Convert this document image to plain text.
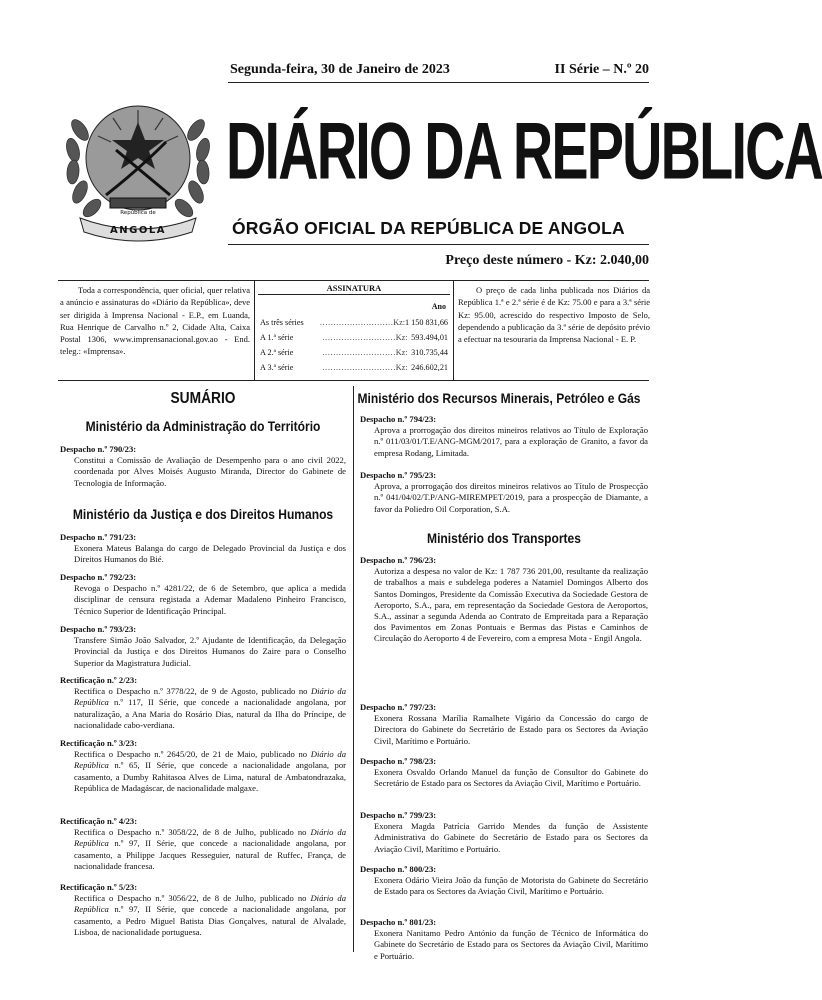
República de
ANGOLA
Segunda-feira, 30 de Janeiro de 2023	II Série – N.º 20
DIÁRIO DA REPÚBLICA
ÓRGÃO OFICIAL DA REPÚBLICA DE ANGOLA
Preço deste número - Kz: 2.040,00
Toda a correspondência, quer oficial, quer relativa a anúncio e assinaturas do «Diário da República», deve ser dirigida à Imprensa Nacional - E.P., em Luanda, Rua Henrique de Carvalho n.º 2, Cidade Alta, Caixa Postal 1306, www.imprensanacional.gov.ao - End. teleg.: «Imprensa».
ASSINATURA
Ano
As três séries	………………………Kz: 1 150 831,66
A 1.ª série	………………………Kz: 593.494,01
A 2.ª série	………………………Kz: 310.735,44
A 3.ª série	………………………Kz: 246.602,21
O preço de cada linha publicada nos Diários da República 1.ª e 2.ª série é de Kz: 75.00 e para a 3.ª série Kz: 95.00, acrescido do respectivo Imposto de Selo, dependendo a publicação da 3.ª série de depósito prévio a efectuar na tesouraria da Imprensa Nacional - E. P.
SUMÁRIO
Ministério da Administração do Território
Despacho n.º 790/23:
Constitui a Comissão de Avaliação de Desempenho para o ano civil 2022, coordenada por Alves Moisés Augusto Miranda, Director do Gabinete de Tecnologia de Informação.
Ministério da Justiça e dos Direitos Humanos
Despacho n.º 791/23:
Exonera Mateus Balanga do cargo de Delegado Provincial da Justiça e dos Direitos Humanos do Bié.
Despacho n.º 792/23:
Revoga o Despacho n.º 4281/22, de 6 de Setembro, que aplica a medida disciplinar de censura registada a Ademar Madaleno Pinheiro Francisco, Técnico Superior de Identificação Principal.
Despacho n.º 793/23:
Transfere Simão João Salvador, 2.º Ajudante de Identificação, da Delegação Provincial da Justiça e dos Direitos Humanos do Zaire para o Conselho Superior da Magistratura Judicial.
Rectificação n.º 2/23:
Rectifica o Despacho n.º 3778/22, de 9 de Agosto, publicado no Diário da República n.º 117, II Série, que concede a nacionalidade angolana, por naturalização, a Ana Maria do Rosário Dias, natural da Ilha do Príncipe, de nacionalidade cabo-verdiana.
Rectificação n.º 3/23:
Rectifica o Despacho n.º 2645/20, de 21 de Maio, publicado no Diário da República n.º 65, II Série, que concede a nacionalidade angolana, por casamento, a Dumby Rahitasoa Alves de Lima, natural de Ambatondrazaka, República de Madagáscar, de nacionalidade malgaxe.
Rectificação n.º 4/23:
Rectifica o Despacho n.º 3058/22, de 8 de Julho, publicado no Diário da República n.º 97, II Série, que concede a nacionalidade angolana, por casamento, a Philippe Jacques Resseguier, natural de Ruffec, França, de nacionalidade francesa.
Rectificação n.º 5/23:
Rectifica o Despacho n.º 3056/22, de 8 de Julho, publicado no Diário da República n.º 97, II Série, que concede a nacionalidade angolana, por casamento, a Pedro Miguel Batista Dias Gonçalves, natural de Alvalade, Lisboa, de nacionalidade portuguesa.
Ministério dos Recursos Minerais, Petróleo e Gás
Despacho n.º 794/23:
Aprova a prorrogação dos direitos mineiros relativos ao Título de Exploração n.º 011/03/01/T.E/ANG-MGM/2017, para a exploração de Granito, a favor da empresa Rodang, Limitada.
Despacho n.º 795/23:
Aprova, a prorrogação dos direitos mineiros relativos ao Título de Prospecção n.º 041/04/02/T.P/ANG-MIREMPET/2019, para a prospecção de Diamante, a favor da Poliedro Oil Corporation, S.A.
Ministério dos Transportes
Despacho n.º 796/23:
Autoriza a despesa no valor de Kz: 1 787 736 201,00, resultante da realização de trabalhos a mais e subdelega poderes a Natamiel Domingos Alberto dos Santos Domingos, Presidente da Comissão Executiva da Sociedade Gestora de Aeroporto, S.A., para, em representação da Sociedade Gestora de Aeroportos, S.A., assinar a segunda Adenda ao Contrato de Empreitada para a Reparação dos Pavimentos em Zonas Pontuais e Bermas das Pistas e Caminhos de Circulação do Aeroporto 4 de Fevereiro, com a empresa Mota - Engil Angola.
Despacho n.º 797/23:
Exonera Rossana Marília Ramalhete Vigário da Concessão do cargo de Directora do Gabinete do Secretário de Estado para os Sectores da Aviação Civil, Marítimo e Portuário.
Despacho n.º 798/23:
Exonera Osvaldo Orlando Manuel da função de Consultor do Gabinete do Secretário de Estado para os Sectores da Aviação Civil, Marítimo e Portuário.
Despacho n.º 799/23:
Exonera Magda Patrícia Garrido Mendes da função de Assistente Administrativa do Gabinete do Secretário de Estado para os Sectores da Aviação Civil, Marítimo e Portuário.
Despacho n.º 800/23:
Exonera Odário Vieira João da função de Motorista do Gabinete do Secretário de Estado para os Sectores da Aviação Civil, Marítimo e Portuário.
Despacho n.º 801/23:
Exonera Nanitamo Pedro António da função de Técnico de Informática do Gabinete do Secretário de Estado para os Sectores da Aviação Civil, Marítimo e Portuário.
